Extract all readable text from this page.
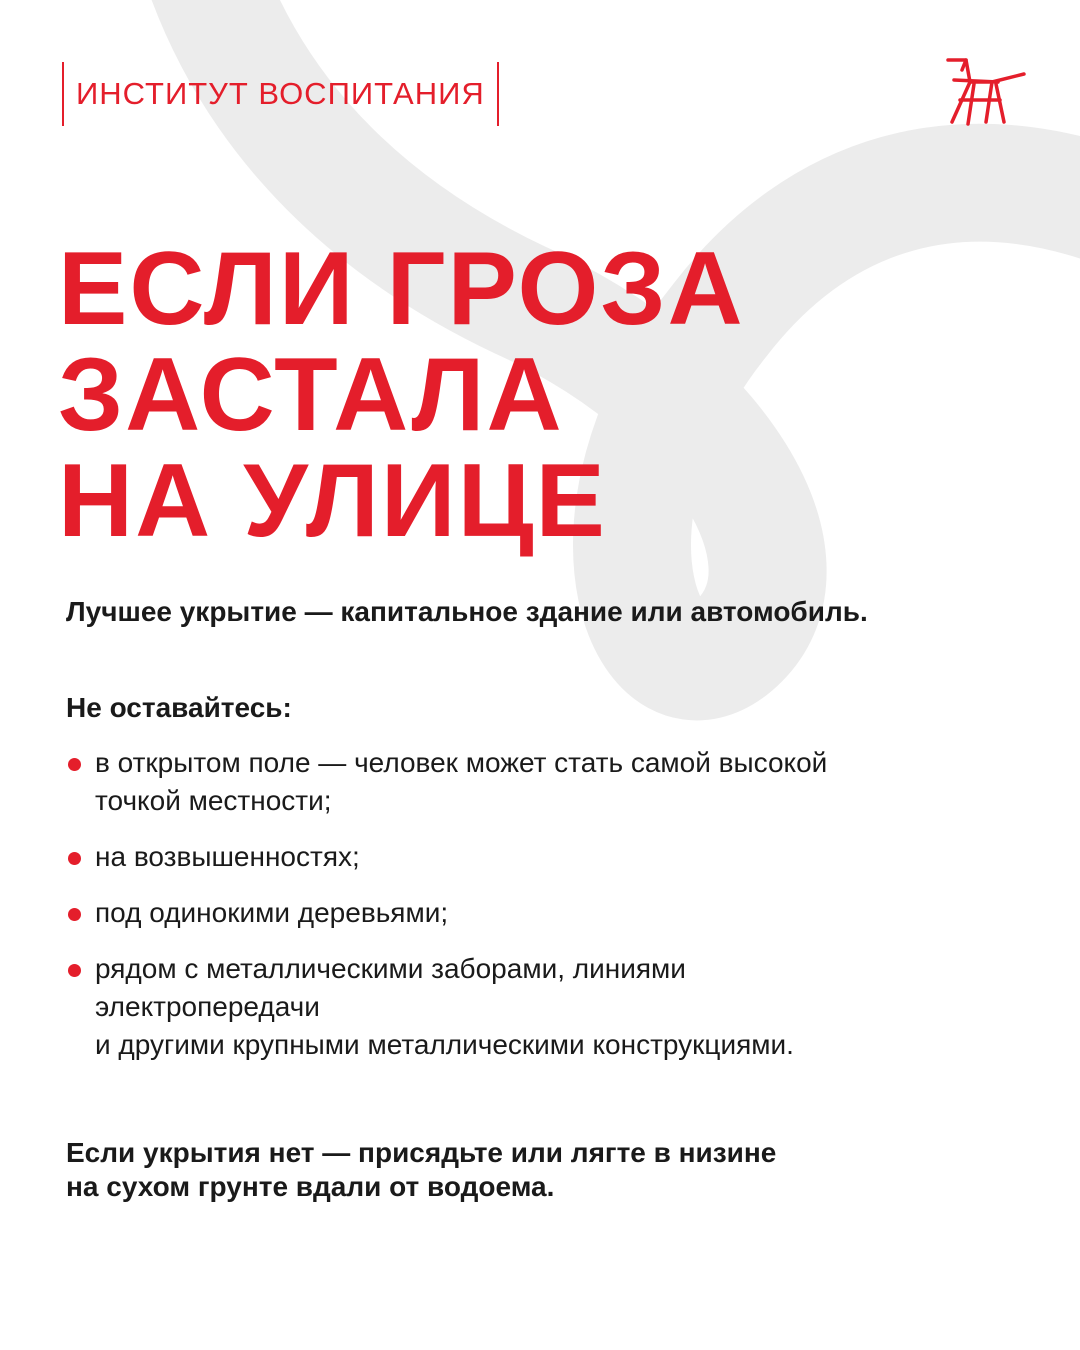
ИНСТИТУТ ВОСПИТАНИЯ
ЕСЛИ ГРОЗА
ЗАСТАЛА
НА УЛИЦЕ

Лучшее укрытие — капитальное здание или автомобиль.

Не оставайтесь:

в открытом поле — человек может стать самой высокой
точкой местности;
на возвышенностях;
под одинокими деревьями;
рядом с металлическими заборами, линиями
электропередачи
и другими крупными металлическими конструкциями.

Если укрытия нет — присядьте или лягте в низине
на сухом грунте вдали от водоема.
